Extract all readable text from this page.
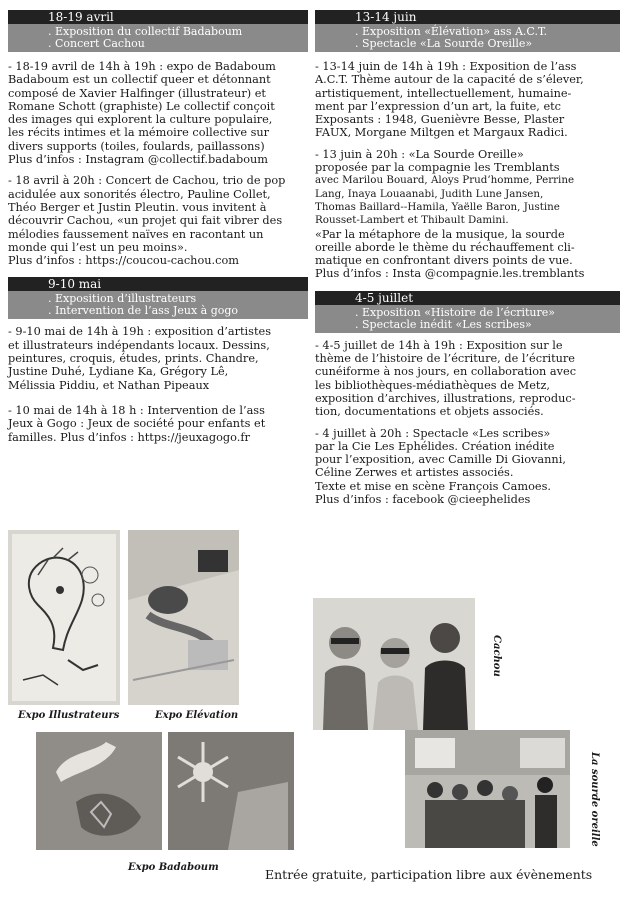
18-19 avril
. Exposition du collectif Badaboum
. Concert Cachou

- 18-19 avril de 14h à 19h : expo de Badaboum

Badaboum est un collectif queer et détonnant

composé de Xavier Halfinger (illustrateur) et

Romane Schott (graphiste) Le collectif conçoit

des images qui explorent la culture populaire,

les récits intimes et la mémoire collective sur

divers supports (toiles, foulards, paillassons)

Plus d’infos : Instagram @collectif.badaboum

- 18 avril à 20h : Concert de Cachou, trio de pop

acidulée aux sonorités électro, Pauline Collet,

Théo Berger et Justin Pleutin. vous invitent à

découvrir Cachou, «un projet qui fait vibrer des

mélodies faussement naïves en racontant un

monde qui l’est un peu moins».

Plus d’infos : https://coucou-cachou.com

9-10 mai
. Exposition d’illustrateurs
. Intervention de l’ass Jeux à gogo

- 9-10 mai de 14h à 19h : exposition d’artistes

et illustrateurs indépendants locaux. Dessins,

peintures, croquis, études, prints. Chandre,

Justine Duhé, Lydiane Ka, Grégory Lê,

Mélissia Piddiu, et Nathan Pipeaux

- 10 mai de 14h à 18 h : Intervention de l’ass

Jeux à Gogo : Jeux de société pour enfants et

familles. Plus d’infos : https://jeuxagogo.fr

13-14 juin
. Exposition «Élévation» ass A.C.T.
. Spectacle «La Sourde Oreille»

- 13-14 juin de 14h à 19h : Exposition de l’ass

A.C.T. Thème autour de la capacité de s’élever,

artistiquement, intellectuellement, humaine-

ment par l’expression d’un art, la fuite, etc

Exposants : 1948, Guenièvre Besse, Plaster

FAUX, Morgane Miltgen et Margaux Radici.

- 13 juin à 20h : «La Sourde Oreille»

proposée par la compagnie les Tremblants

avec Marilou Bouard, Aloys Prud’homme, Perrine

Lang, Inaya Louaanabi, Judith Lune Jansen,

Thomas Baillard--Hamila, Yaëlle Baron, Justine

Rousset-Lambert et Thibault Damini.

«Par la métaphore de la musique, la sourde

oreille aborde le thème du réchauffement cli-

matique en confrontant divers points de vue.

Plus d’infos : Insta @compagnie.les.tremblants

4-5 juillet
. Exposition «Histoire de l’écriture»
. Spectacle inédit «Les scribes»

- 4-5 juillet de 14h à 19h : Exposition sur le

thème de l’histoire de l’écriture, de l’écriture

cunéiforme à nos jours, en collaboration avec

les bibliothèques-médiathèques de Metz,

exposition d’archives, illustrations, reproduc-

tion, documentations et objets associés.

- 4 juillet à 20h : Spectacle «Les scribes»

par la Cie Les Ephélides. Création inédite

pour l’exposition, avec Camille Di Giovanni,

Céline Zerwes et artistes associés.

Texte et mise en scène François Camoes.

Plus d’infos : facebook @cieephelides

Expo Illustrateurs	Expo Elévation
Expo Badaboum
Cachou
La sourde oreille
Entrée gratuite, participation libre aux évènements
